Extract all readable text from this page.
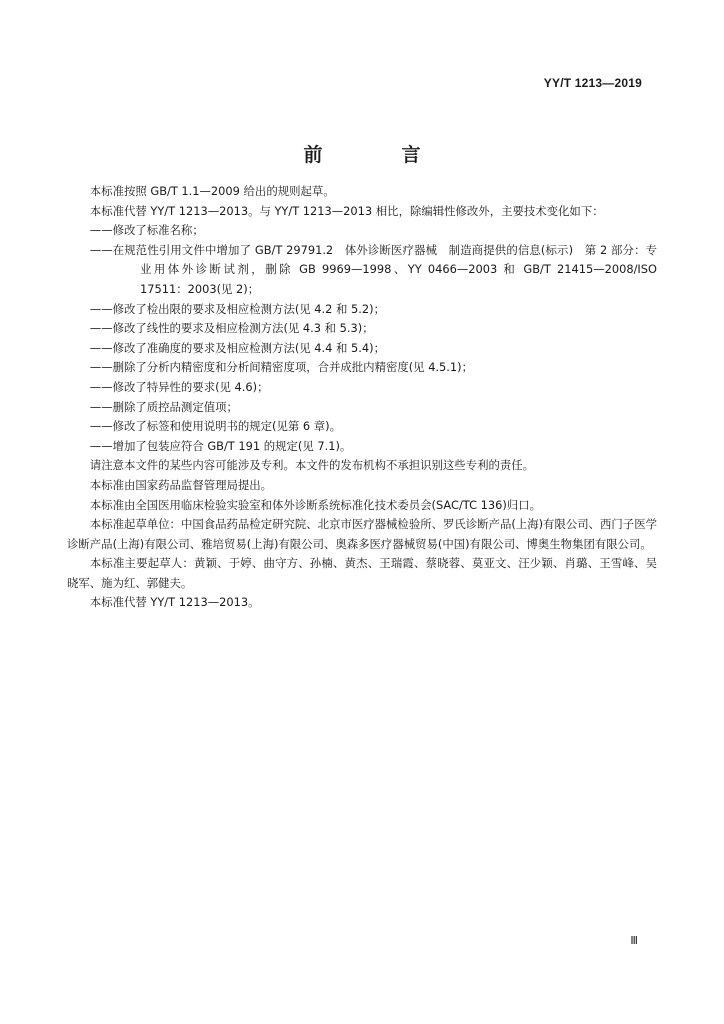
YY/T 1213—2019
前　言

本标准按照 GB/T 1.1—2009 给出的规则起草。

本标准代替 YY/T 1213—2013。与 YY/T 1213—2013 相比，除编辑性修改外，主要技术变化如下：

——修改了标准名称；

——在规范性引用文件中增加了 GB/T 29791.2　体外诊断医疗器械　制造商提供的信息(标示)　第 2 部分：专业用体外诊断试剂，删除 GB 9969—1998、YY 0466—2003 和 GB/T 21415—2008/ISO 17511：2003(见 2)；

——修改了检出限的要求及相应检测方法(见 4.2 和 5.2)；

——修改了线性的要求及相应检测方法(见 4.3 和 5.3)；

——修改了准确度的要求及相应检测方法(见 4.4 和 5.4)；

——删除了分析内精密度和分析间精密度项，合并成批内精密度(见 4.5.1)；

——修改了特异性的要求(见 4.6)；

——删除了质控品测定值项；

——修改了标签和使用说明书的规定(见第 6 章)。

——增加了包装应符合 GB/T 191 的规定(见 7.1)。

请注意本文件的某些内容可能涉及专利。本文件的发布机构不承担识别这些专利的责任。

本标准由国家药品监督管理局提出。

本标准由全国医用临床检验实验室和体外诊断系统标准化技术委员会(SAC/TC 136)归口。

本标准起草单位：中国食品药品检定研究院、北京市医疗器械检验所、罗氏诊断产品(上海)有限公司、西门子医学诊断产品(上海)有限公司、雅培贸易(上海)有限公司、奥森多医疗器械贸易(中国)有限公司、博奥生物集团有限公司。

本标准主要起草人：黄颖、于婷、曲守方、孙楠、黄杰、王瑞霞、蔡晓蓉、莫亚文、汪少颖、肖璐、王雪峰、吴晓军、施为红、郭健夫。

本标准代替 YY/T 1213—2013。

Ⅲ
